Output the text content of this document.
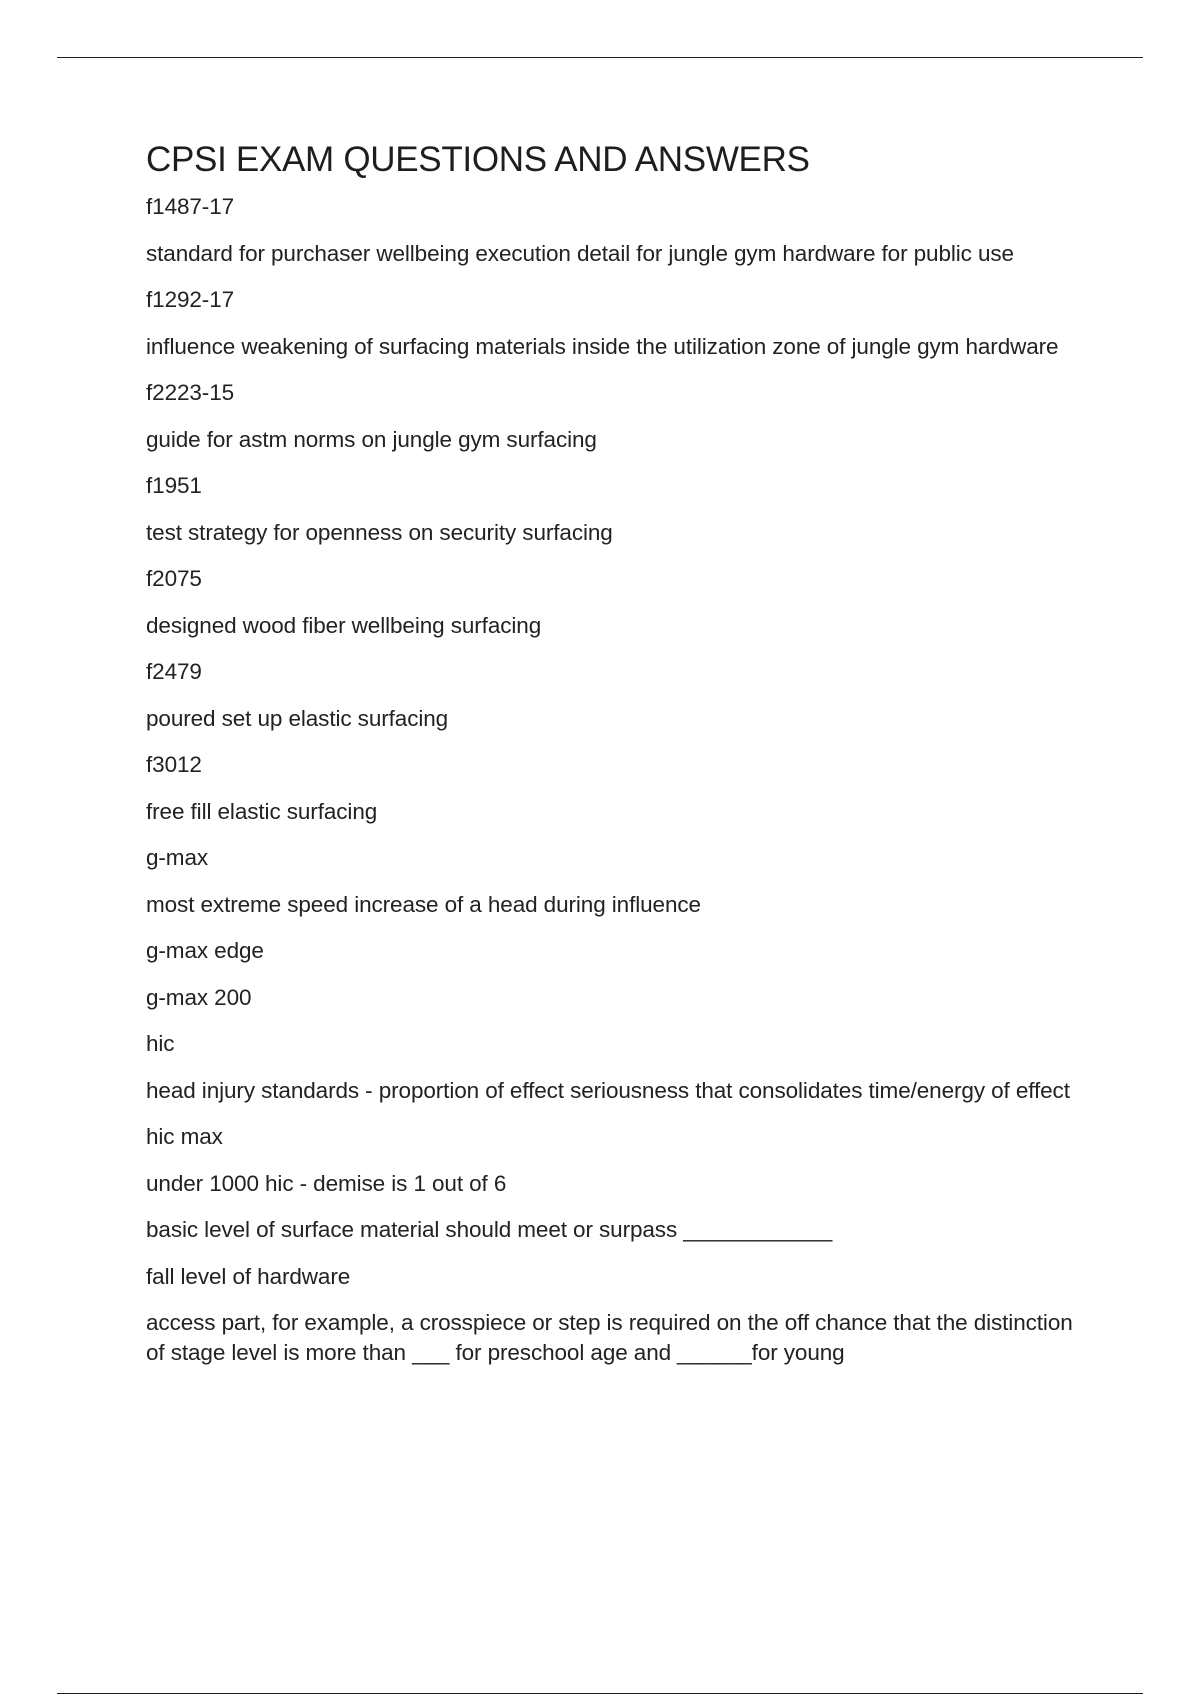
CPSI EXAM QUESTIONS AND ANSWERS
f1487-17
standard for purchaser wellbeing execution detail for jungle gym hardware for public use
f1292-17
influence weakening of surfacing materials inside the utilization zone of jungle gym hardware
f2223-15
guide for astm norms on jungle gym surfacing
f1951
test strategy for openness on security surfacing
f2075
designed wood fiber wellbeing surfacing
f2479
poured set up elastic surfacing
f3012
free fill elastic surfacing
g-max
most extreme speed increase of a head during influence
g-max edge
g-max 200
hic
head injury standards - proportion of effect seriousness that consolidates time/energy of effect
hic max
under 1000 hic - demise is 1 out of 6
basic level of surface material should meet or surpass ____________
fall level of hardware
access part, for example, a crosspiece or step is required on the off chance that the distinction of stage level is more than ___ for preschool age and ______for young
